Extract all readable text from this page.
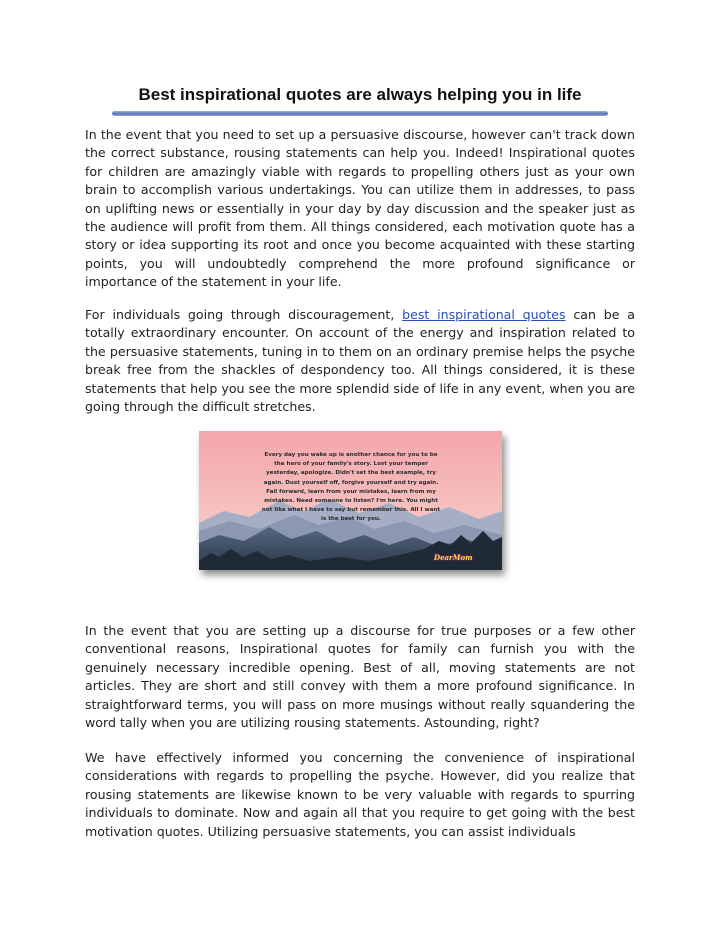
Best inspirational quotes are always helping you in life

In the event that you need to set up a persuasive discourse, however can't track down the correct substance, rousing statements can help you. Indeed! Inspirational quotes for children are amazingly viable with regards to propelling others just as your own brain to accomplish various undertakings. You can utilize them in addresses, to pass on uplifting news or essentially in your day by day discussion and the speaker just as the audience will profit from them. All things considered, each motivation quote has a story or idea supporting its root and once you become acquainted with these starting points, you will undoubtedly comprehend the more profound significance or importance of the statement in your life.

For individuals going through discouragement, best inspirational quotes can be a totally extraordinary encounter. On account of the energy and inspiration related to the persuasive statements, tuning in to them on an ordinary premise helps the psyche break free from the shackles of despondency too. All things considered, it is these statements that help you see the more splendid side of life in any event, when you are going through the difficult stretches.

Every day you wake up is another chance for you to be the hero of your family's story. Lost your temper yesterday, apologize. Didn't set the best example, try again. Dust yourself off, forgive yourself and try again. Fail forward, learn from your mistakes, learn from my mistakes. Need someone to listen? I'm here. You might not like what I have to say but remember this. All I want is the best for you.
DearMom

In the event that you are setting up a discourse for true purposes or a few other conventional reasons, Inspirational quotes for family can furnish you with the genuinely necessary incredible opening. Best of all, moving statements are not articles. They are short and still convey with them a more profound significance. In straightforward terms, you will pass on more musings without really squandering the word tally when you are utilizing rousing statements. Astounding, right?

We have effectively informed you concerning the convenience of inspirational considerations with regards to propelling the psyche. However, did you realize that rousing statements are likewise known to be very valuable with regards to spurring individuals to dominate. Now and again all that you require to get going with the best motivation quotes. Utilizing persuasive statements, you can assist individuals
